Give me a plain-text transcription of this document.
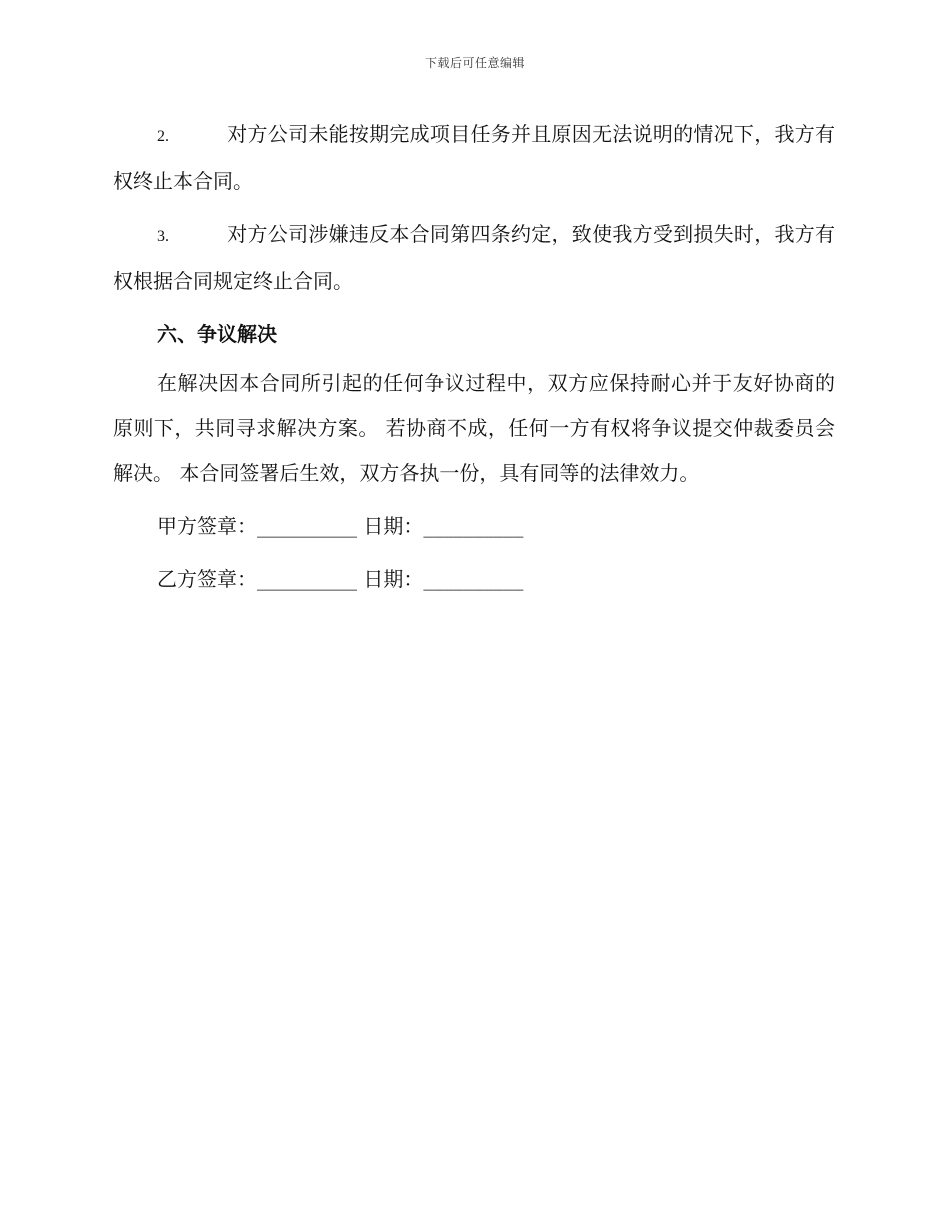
下载后可任意编辑

2.	对方公司未能按期完成项目任务并且原因无法说明的情况下，我方有权终止本合同。

3.	对方公司涉嫌违反本合同第四条约定，致使我方受到损失时，我方有权根据合同规定终止合同。

六、争议解决

在解决因本合同所引起的任何争议过程中，双方应保持耐心并于友好协商的原则下，共同寻求解决方案。 若协商不成，任何一方有权将争议提交仲裁委员会解决。 本合同签署后生效，双方各执一份，具有同等的法律效力。

甲方签章：__________ 日期：__________

乙方签章：__________ 日期：__________
